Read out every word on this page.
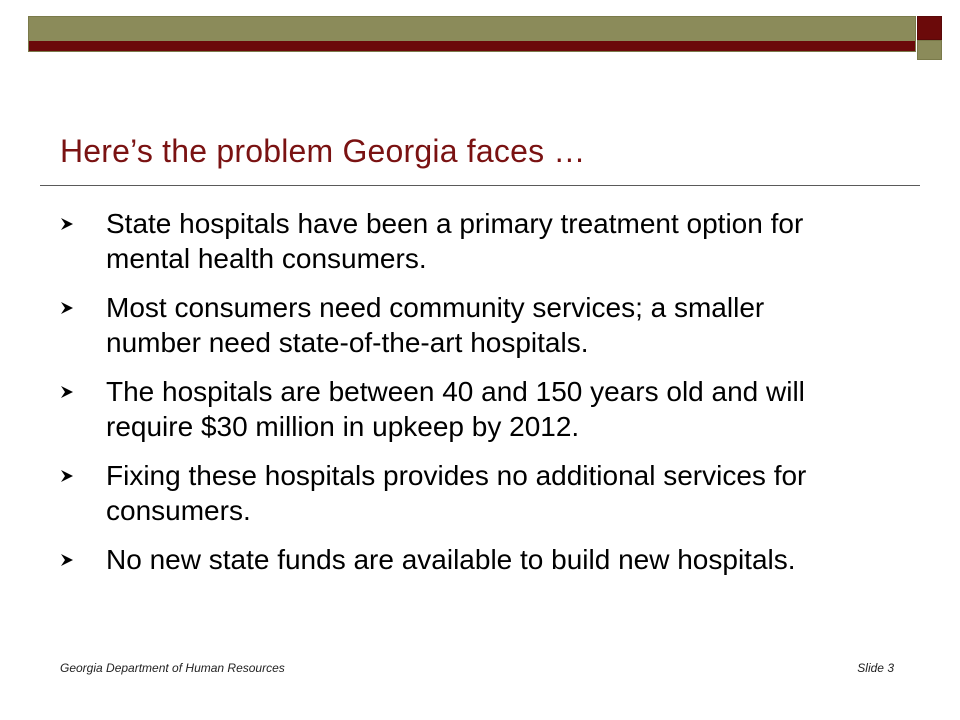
Here’s the problem Georgia faces …
State hospitals have been a primary treatment option for mental health consumers.
Most consumers need community services; a smaller number need state-of-the-art hospitals.
The hospitals are between 40 and 150 years old and will require $30 million in upkeep by 2012.
Fixing these hospitals provides no additional services for consumers.
No new state funds are available to build new hospitals.
Georgia Department of Human Resources	Slide 3
